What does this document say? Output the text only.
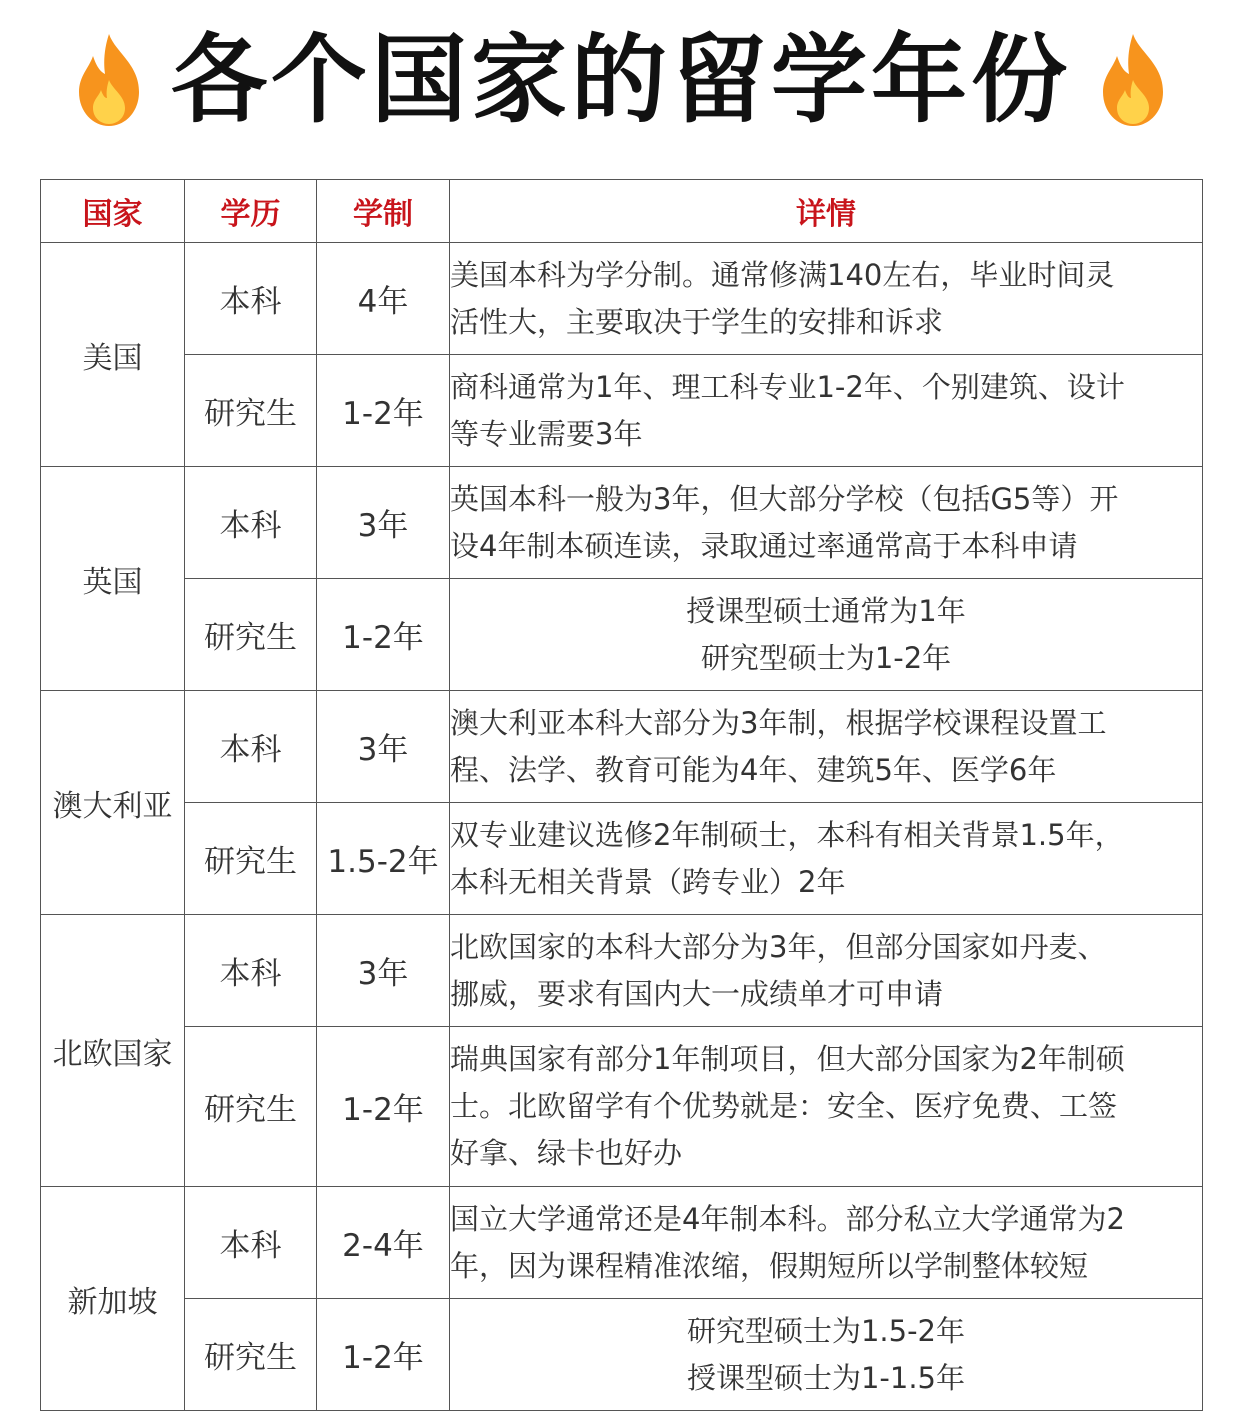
各个国家的留学年份
国家	学历	学制	详情
美国	本科	4年	美国本科为学分制。通常修满140左右，毕业时间灵
活性大，主要取决于学生的安排和诉求

	研究生	1-2年	商科通常为1年、理工科专业1-2年、个别建筑、设计
等专业需要3年

英国	本科	3年	英国本科一般为3年，但大部分学校（包括G5等）开
设4年制本硕连读，录取通过率通常高于本科申请

	研究生	1-2年	授课型硕士通常为1年
研究型硕士为1-2年

澳大利亚	本科	3年	澳大利亚本科大部分为3年制，根据学校课程设置工
程、法学、教育可能为4年、建筑5年、医学6年

	研究生	1.5-2年	双专业建议选修2年制硕士，本科有相关背景1.5年，
本科无相关背景（跨专业）2年

北欧国家	本科	3年	北欧国家的本科大部分为3年，但部分国家如丹麦、
挪威，要求有国内大一成绩单才可申请

	研究生	1-2年	瑞典国家有部分1年制项目，但大部分国家为2年制硕
士。北欧留学有个优势就是：安全、医疗免费、工签
好拿、绿卡也好办

新加坡	本科	2-4年	国立大学通常还是4年制本科。部分私立大学通常为2
年，因为课程精准浓缩，假期短所以学制整体较短

	研究生	1-2年	研究型硕士为1.5-2年
授课型硕士为1-1.5年
